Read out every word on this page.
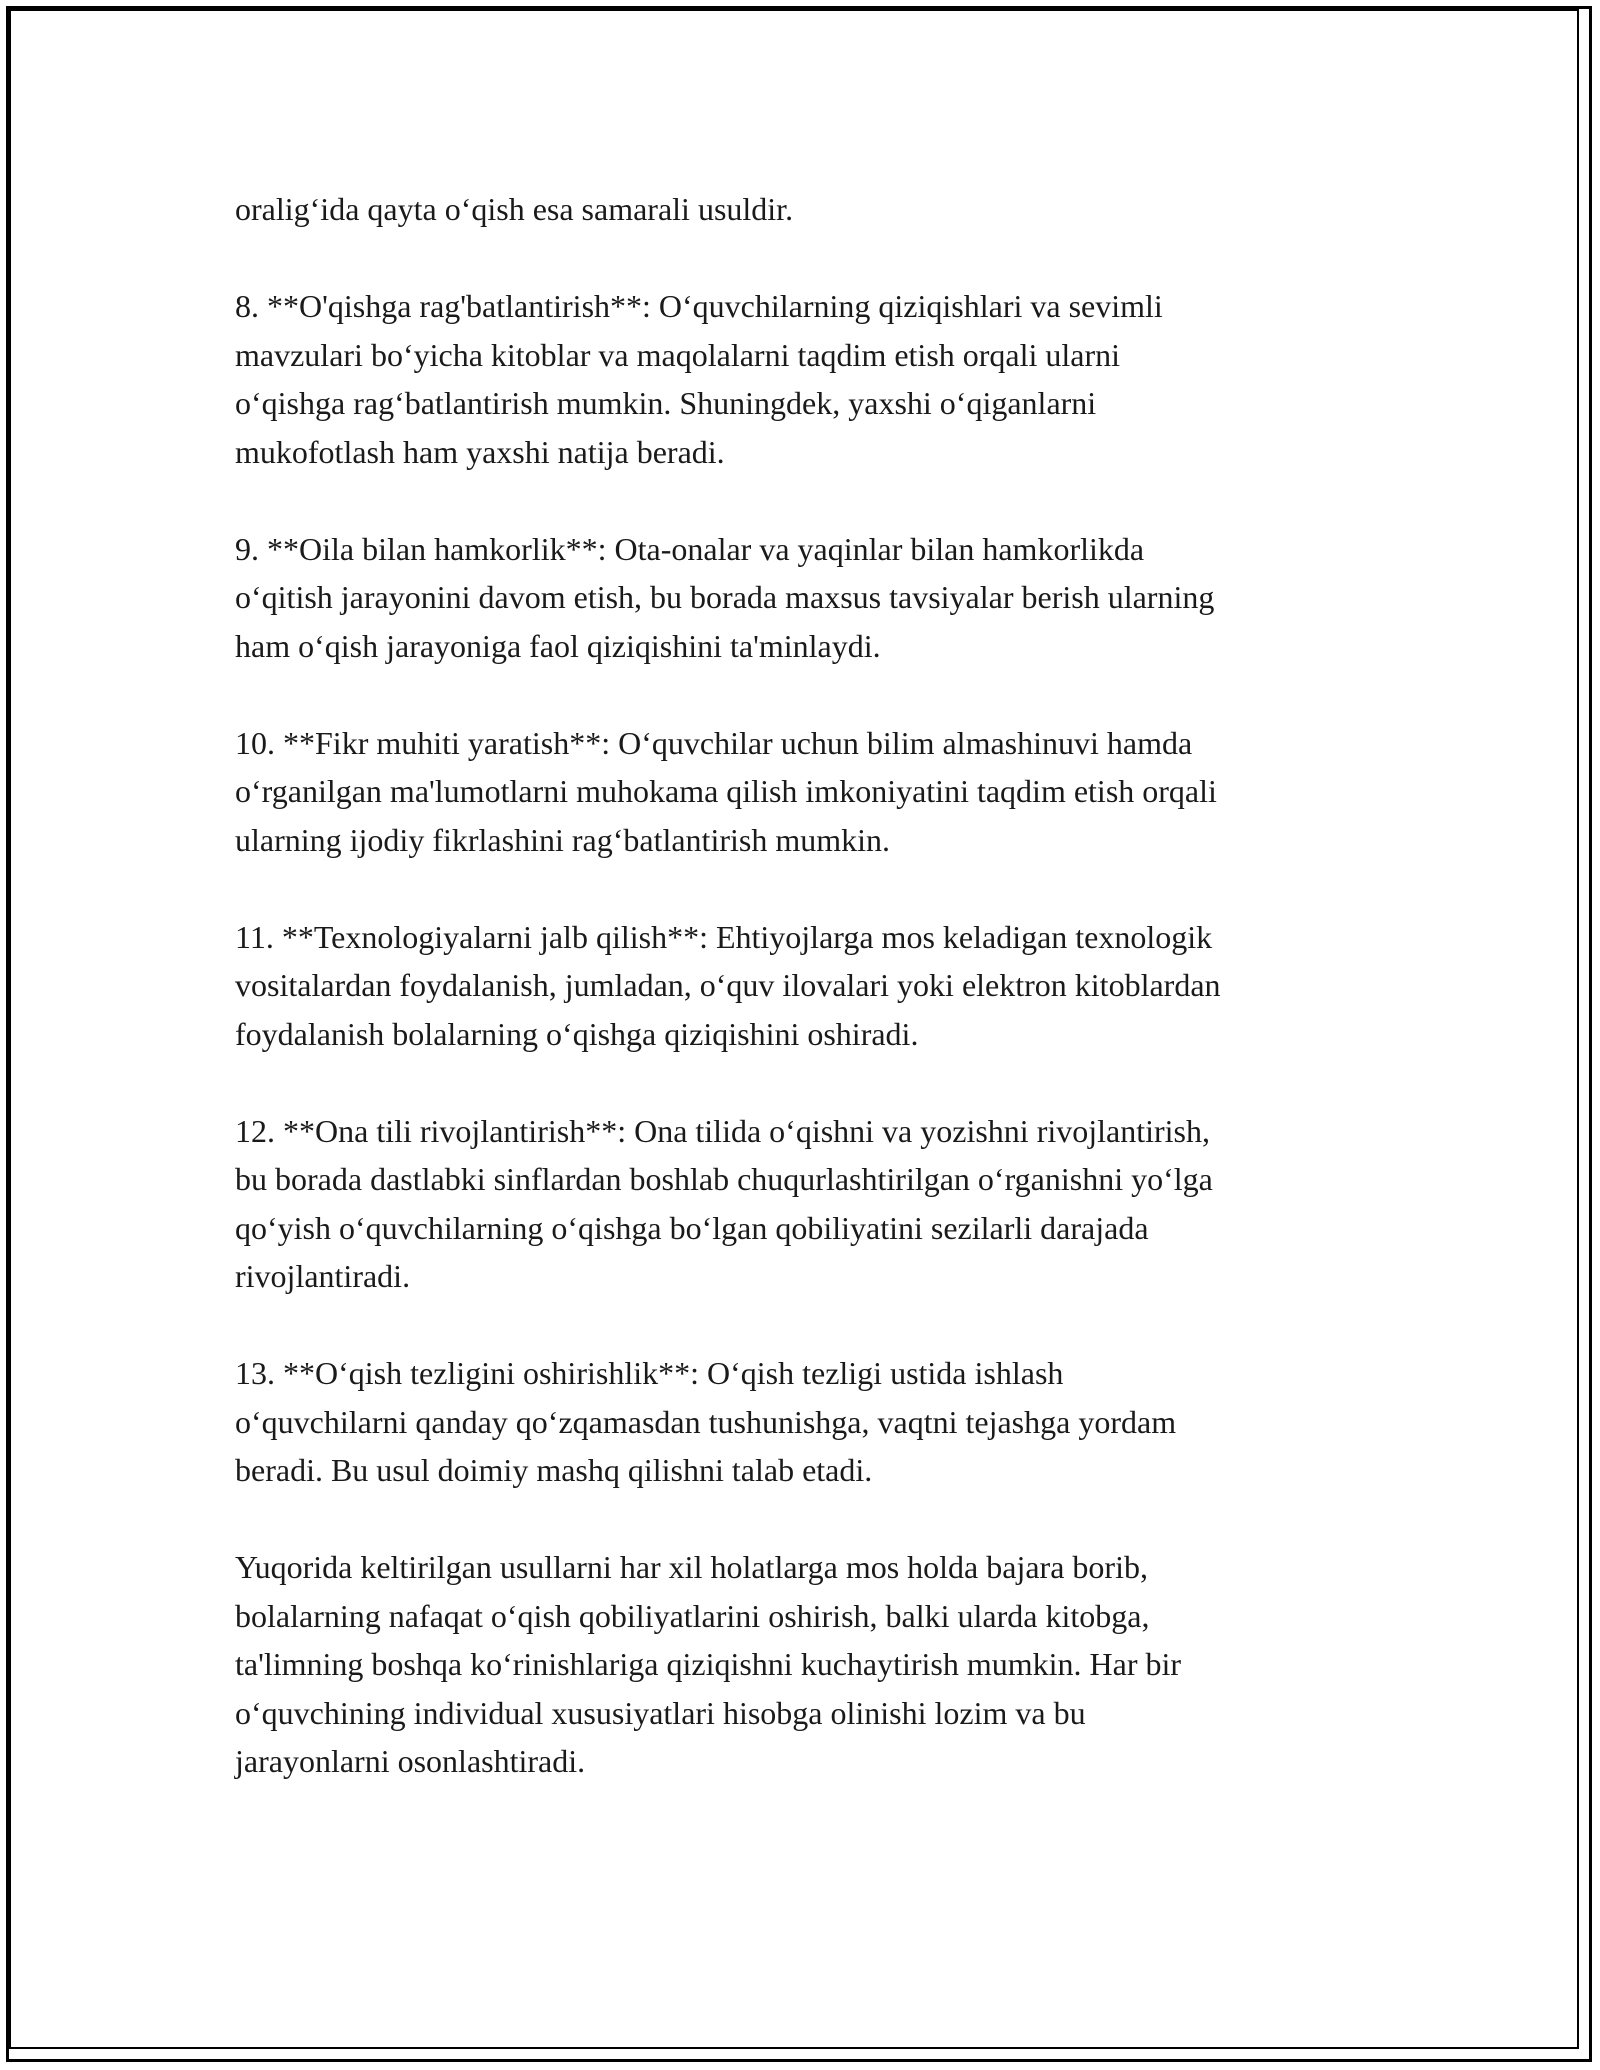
oralig‘ida qayta o‘qish esa samarali usuldir.

8. **O'qishga rag'batlantirish**: O‘quvchilarning qiziqishlari va sevimli
mavzulari bo‘yicha kitoblar va maqolalarni taqdim etish orqali ularni
o‘qishga rag‘batlantirish mumkin. Shuningdek, yaxshi o‘qiganlarni
mukofotlash ham yaxshi natija beradi.

9. **Oila bilan hamkorlik**: Ota-onalar va yaqinlar bilan hamkorlikda
o‘qitish jarayonini davom etish, bu borada maxsus tavsiyalar berish ularning
ham o‘qish jarayoniga faol qiziqishini ta'minlaydi.

10. **Fikr muhiti yaratish**: O‘quvchilar uchun bilim almashinuvi hamda
o‘rganilgan ma'lumotlarni muhokama qilish imkoniyatini taqdim etish orqali
ularning ijodiy fikrlashini rag‘batlantirish mumkin.

11. **Texnologiyalarni jalb qilish**: Ehtiyojlarga mos keladigan texnologik
vositalardan foydalanish, jumladan, o‘quv ilovalari yoki elektron kitoblardan
foydalanish bolalarning o‘qishga qiziqishini oshiradi.

12. **Ona tili rivojlantirish**: Ona tilida o‘qishni va yozishni rivojlantirish,
bu borada dastlabki sinflardan boshlab chuqurlashtirilgan o‘rganishni yo‘lga
qo‘yish o‘quvchilarning o‘qishga bo‘lgan qobiliyatini sezilarli darajada
rivojlantiradi.

13. **O‘qish tezligini oshirishlik**: O‘qish tezligi ustida ishlash
o‘quvchilarni qanday qo‘zqamasdan tushunishga, vaqtni tejashga yordam
beradi. Bu usul doimiy mashq qilishni talab etadi.

Yuqorida keltirilgan usullarni har xil holatlarga mos holda bajara borib,
bolalarning nafaqat o‘qish qobiliyatlarini oshirish, balki ularda kitobga,
ta'limning boshqa ko‘rinishlariga qiziqishni kuchaytirish mumkin. Har bir
o‘quvchining individual xususiyatlari hisobga olinishi lozim va bu
jarayonlarni osonlashtiradi.
